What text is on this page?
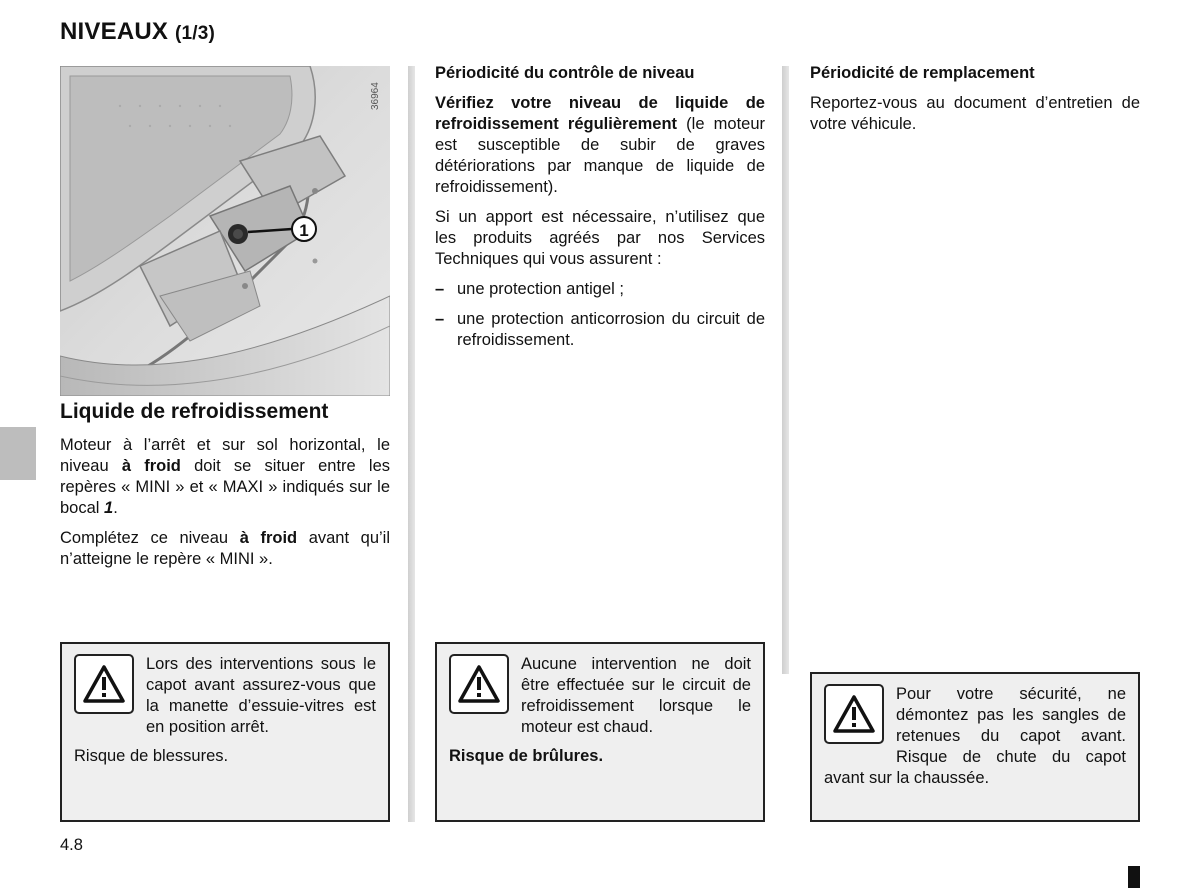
NIVEAUX (1/3)
1
36964
Liquide de refroidissement

Moteur à l’arrêt et sur sol horizontal, le niveau à froid doit se situer entre les repères « MINI » et « MAXI » indiqués sur le bocal 1.

Complétez ce niveau à froid avant qu’il n’atteigne le repère « MINI ».

Périodicité du contrôle de niveau

Vérifiez votre niveau de liquide de refroidissement régulièrement (le moteur est susceptible de subir de graves détériorations par manque de liquide de refroidissement).

Si un apport est nécessaire, n’utilisez que les produits agréés par nos Services Techniques qui vous assurent :

– une protection antigel ;
– une protection anticorrosion du circuit de refroidissement.
Périodicité de remplacement

Reportez-vous au document d’entretien de votre véhicule.

Lors des interventions sous le capot avant assurez-vous que la manette d’essuie-vitres est en position arrêt.

Risque de blessures.

Aucune intervention ne doit être effectuée sur le circuit de refroidissement lorsque le moteur est chaud.

Risque de brûlures.

Pour votre sécurité, ne démontez pas les sangles de retenues du capot avant. Risque de chute du capot avant sur la chaussée.

4.8
